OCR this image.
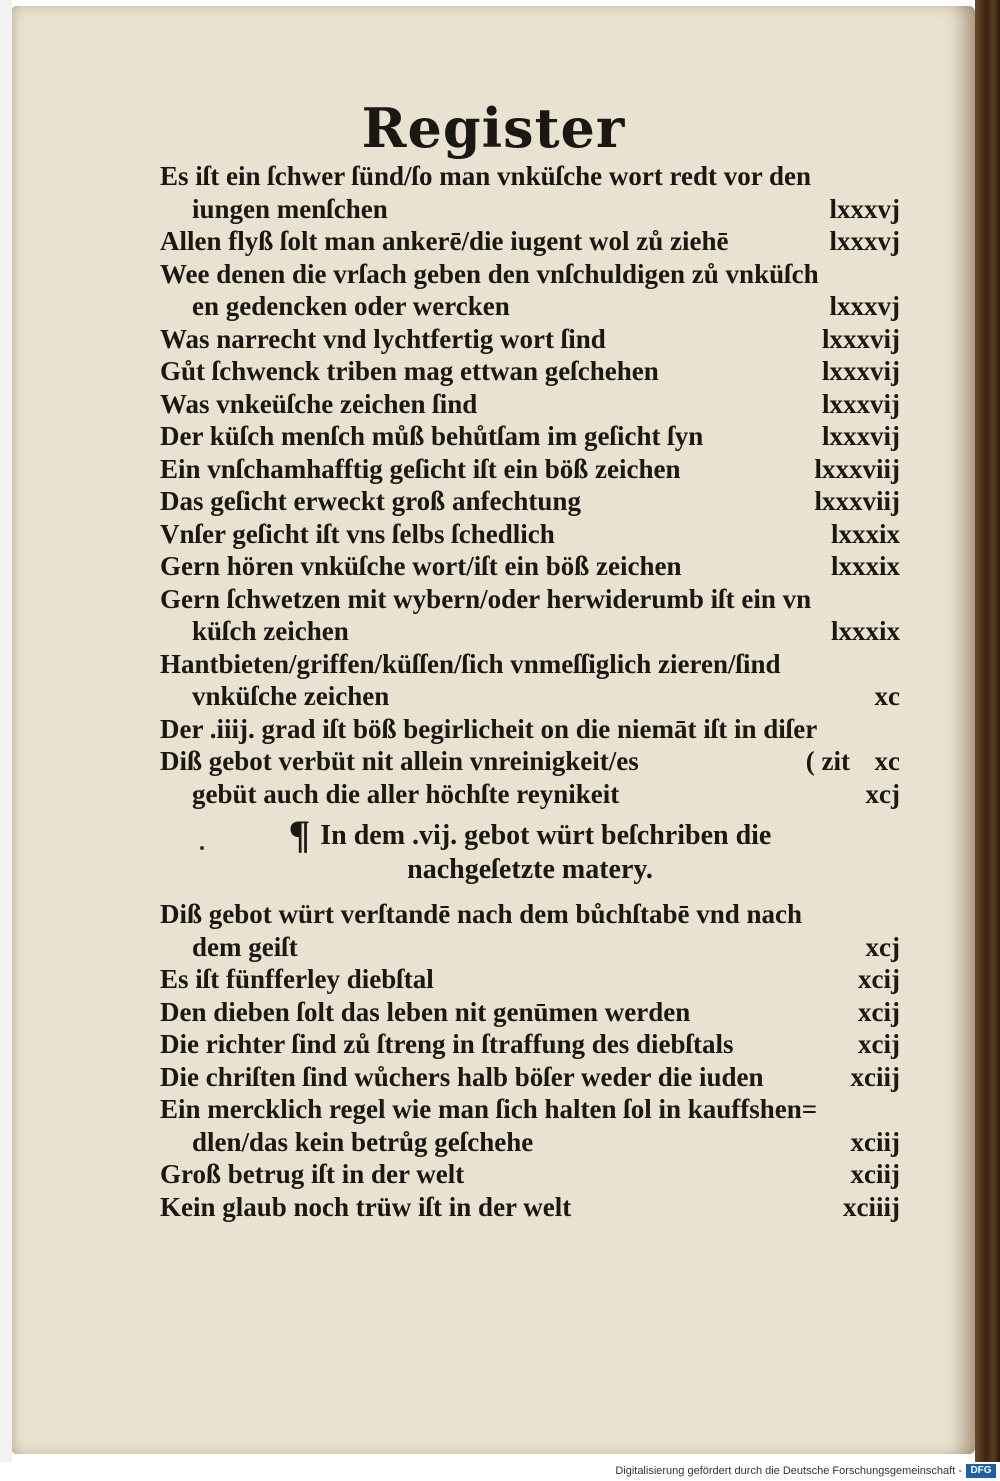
Register
Es iſt ein ſchwer ſünd/ſo man vnküſche wort redt vor den
iungen menſchen	lxxxvj
Allen flyß ſolt man ankerē/die iugent wol zů ziehē	lxxxvj
Wee denen die vrſach geben den vnſchuldigen zů vnküſch
en gedencken oder wercken	lxxxvj
Was narrecht vnd lychtfertig wort ſind	lxxxvij
Gůt ſchwenck triben mag ettwan geſchehen	lxxxvij
Was vnkeüſche zeichen ſind	lxxxvij
Der küſch menſch můß behůtſam im geſicht ſyn	lxxxvij
Ein vnſchamhafftig geſicht iſt ein böß zeichen	lxxxviij
Das geſicht erweckt groß anfechtung	lxxxviij
Vnſer geſicht iſt vns ſelbs ſchedlich	lxxxix
Gern hören vnküſche wort/iſt ein böß zeichen	lxxxix
Gern ſchwetzen mit wybern/oder herwiderumb iſt ein vn
küſch zeichen	lxxxix
Hantbieten/griffen/küſſen/ſich vnmeſſiglich zieren/ſind
vnküſche zeichen	xc
Der .iiij. grad iſt böß begirlicheit on die niemāt iſt in diſer
Diß gebot verbüt nit allein vnreinigkeit/es	( zit xc
gebüt auch die aller höchſte reynikeit	xcj
¶ In dem .vij. gebot würt beſchriben die
nachgeſetzte matery.
Diß gebot würt verſtandē nach dem bůchſtabē vnd nach
dem geiſt	xcj
Es iſt fünfferley diebſtal	xcij
Den dieben ſolt das leben nit genūmen werden	xcij
Die richter ſind zů ſtreng in ſtraffung des diebſtals	xcij
Die chriſten ſind wůchers halb böſer weder die iuden	xciij
Ein mercklich regel wie man ſich halten ſol in kauffshen=
dlen/das kein betrůg geſchehe	xciij
Groß betrug iſt in der welt	xciij
Kein glaub noch trüw iſt in der welt	xciiij
Digitalisierung gefördert durch die Deutsche Forschungsgemeinschaft - DFG
